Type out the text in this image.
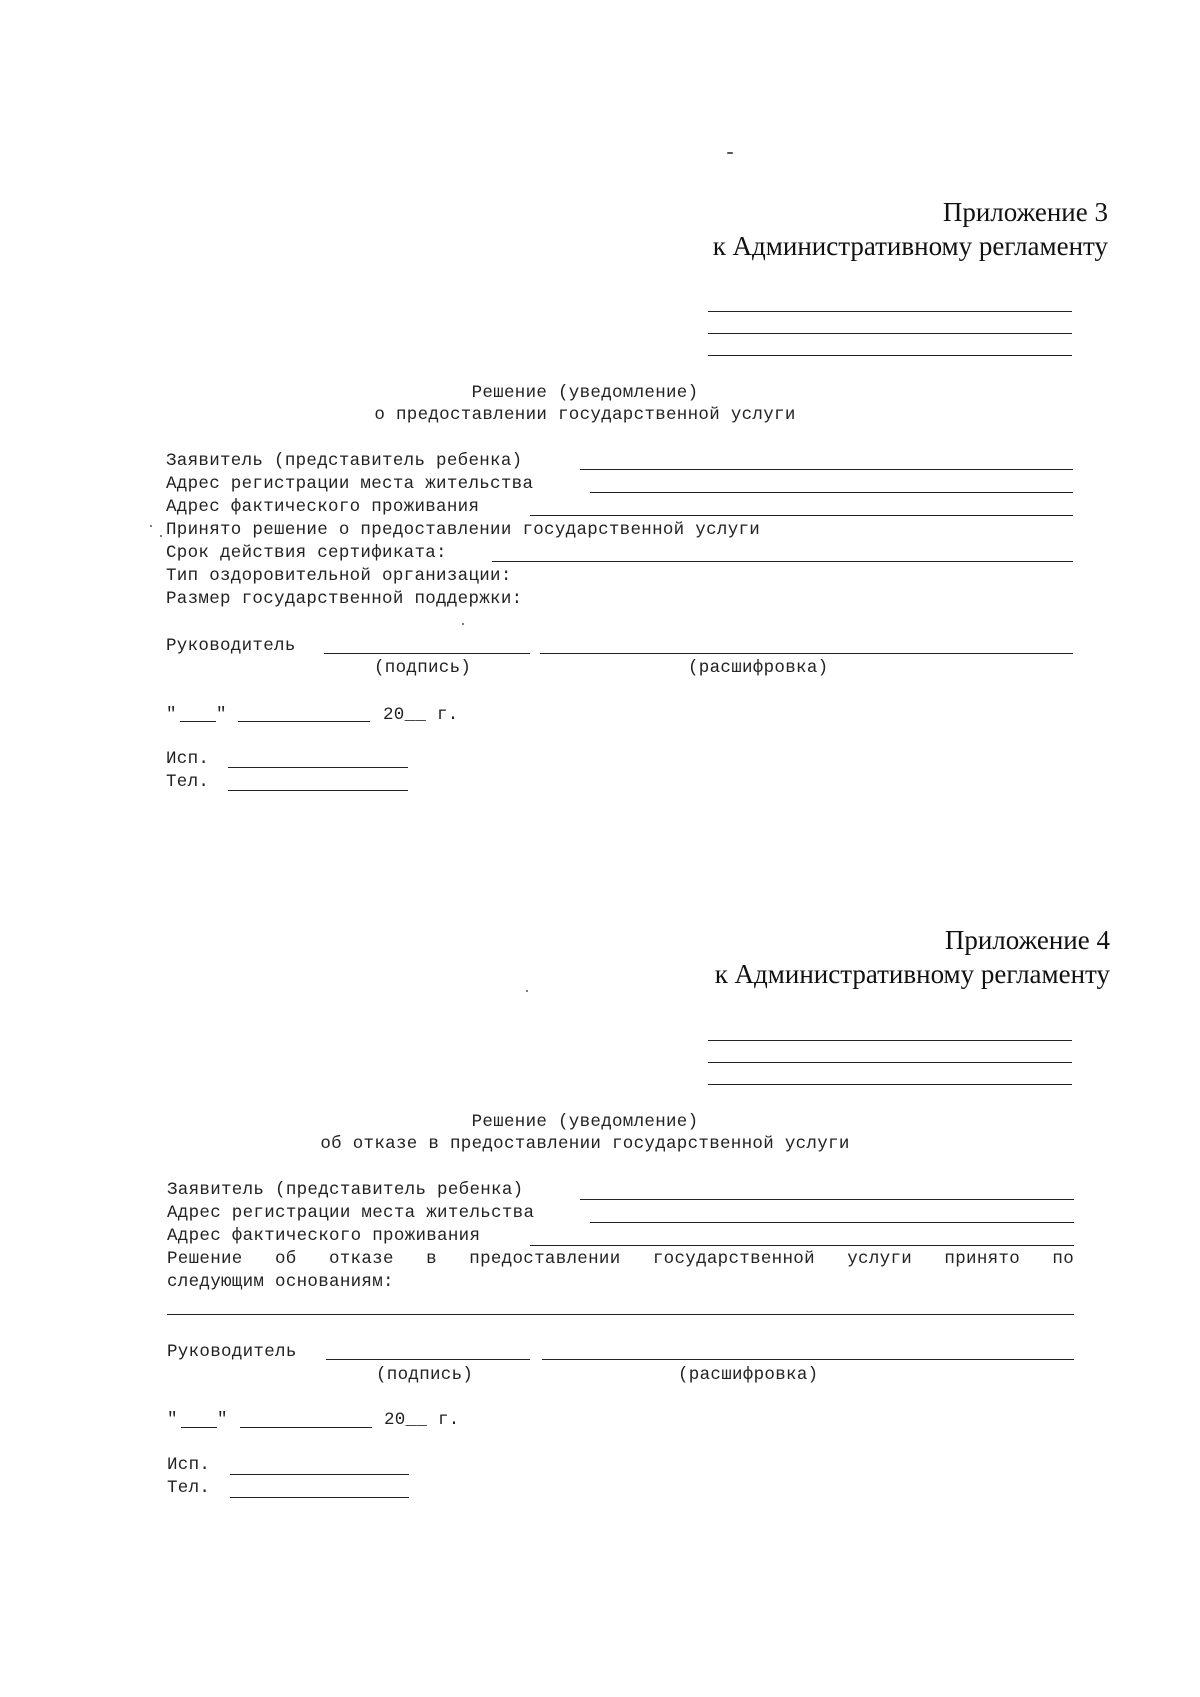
Приложение 3
к Административному регламенту
Решение (уведомление)
о предоставлении государственной услуги
Заявитель (представитель ребенка)
Адрес регистрации места жительства
Адрес фактического проживания
Принято решение о предоставлении государственной услуги
Срок действия сертификата:
Тип оздоровительной организации:
Размер государственной поддержки:
Руководитель
(подпись)	(расшифровка)
" "	20__ г.
Исп.
Тел.
Приложение 4
к Административному регламенту
Решение (уведомление)
об отказе в предоставлении государственной услуги
Заявитель (представитель ребенка)
Адрес регистрации места жительства
Адрес фактического проживания
Решение об отказе в предоставлении государственной услуги принято по
следующим основаниям:
Руководитель
(подпись)	(расшифровка)
" "	20__ г.
Исп.
Тел.
